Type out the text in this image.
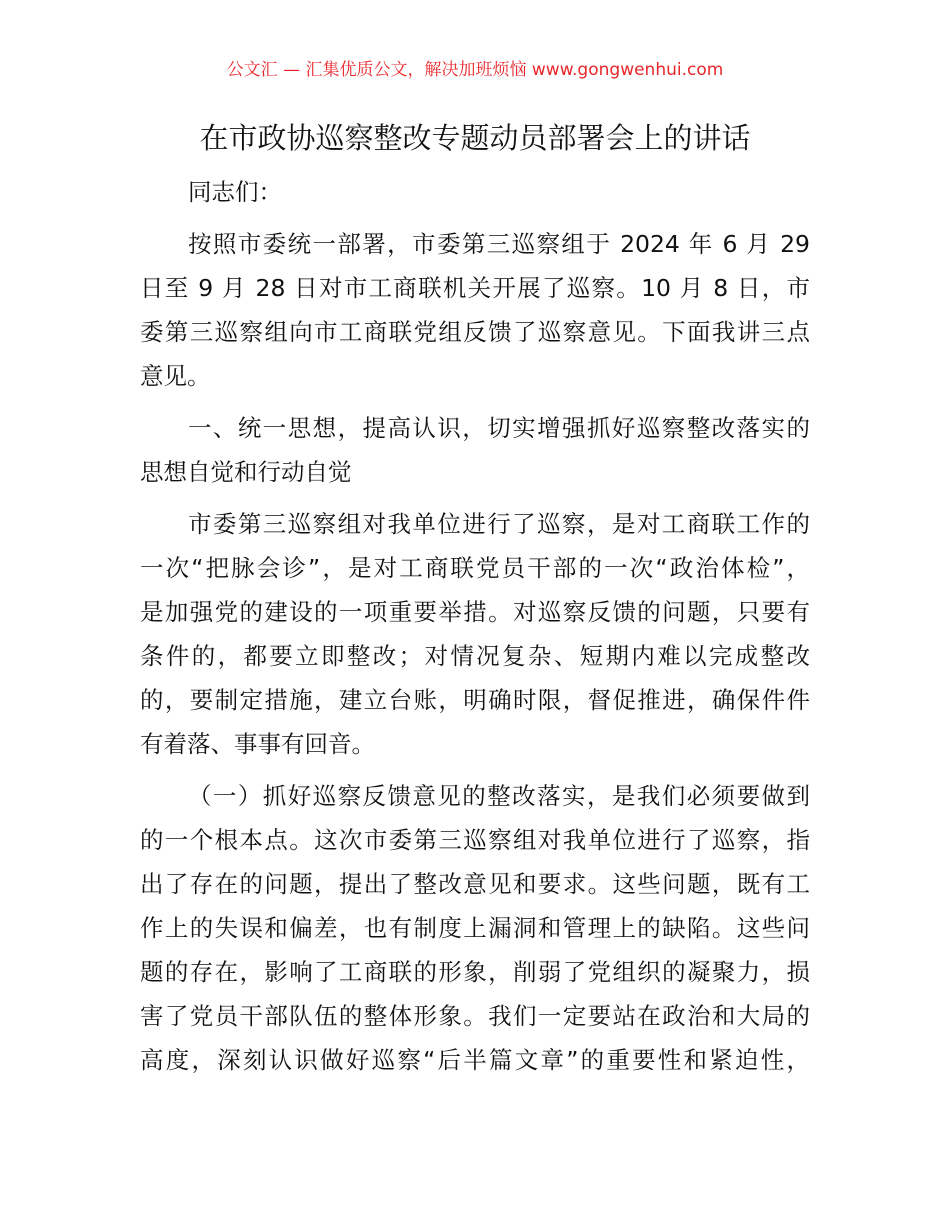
公文汇 — 汇集优质公文，解决加班烦恼 www.gongwenhui.com
在市政协巡察整改专题动员部署会上的讲话
同志们：
按照市委统一部署，市委第三巡察组于 2024 年 6 月 29
日至 9 月 28 日对市工商联机关开展了巡察。10 月 8 日，市
委第三巡察组向市工商联党组反馈了巡察意见。下面我讲三点
意见。
一、统一思想，提高认识，切实增强抓好巡察整改落实的
思想自觉和行动自觉
市委第三巡察组对我单位进行了巡察，是对工商联工作的
一次“把脉会诊”，是对工商联党员干部的一次“政治体检”，
是加强党的建设的一项重要举措。对巡察反馈的问题，只要有
条件的，都要立即整改；对情况复杂、短期内难以完成整改
的，要制定措施，建立台账，明确时限，督促推进，确保件件
有着落、事事有回音。
（一）抓好巡察反馈意见的整改落实，是我们必须要做到
的一个根本点。这次市委第三巡察组对我单位进行了巡察，指
出了存在的问题，提出了整改意见和要求。这些问题，既有工
作上的失误和偏差，也有制度上漏洞和管理上的缺陷。这些问
题的存在，影响了工商联的形象，削弱了党组织的凝聚力，损
害了党员干部队伍的整体形象。我们一定要站在政治和大局的
高度，深刻认识做好巡察“后半篇文章”的重要性和紧迫性，
